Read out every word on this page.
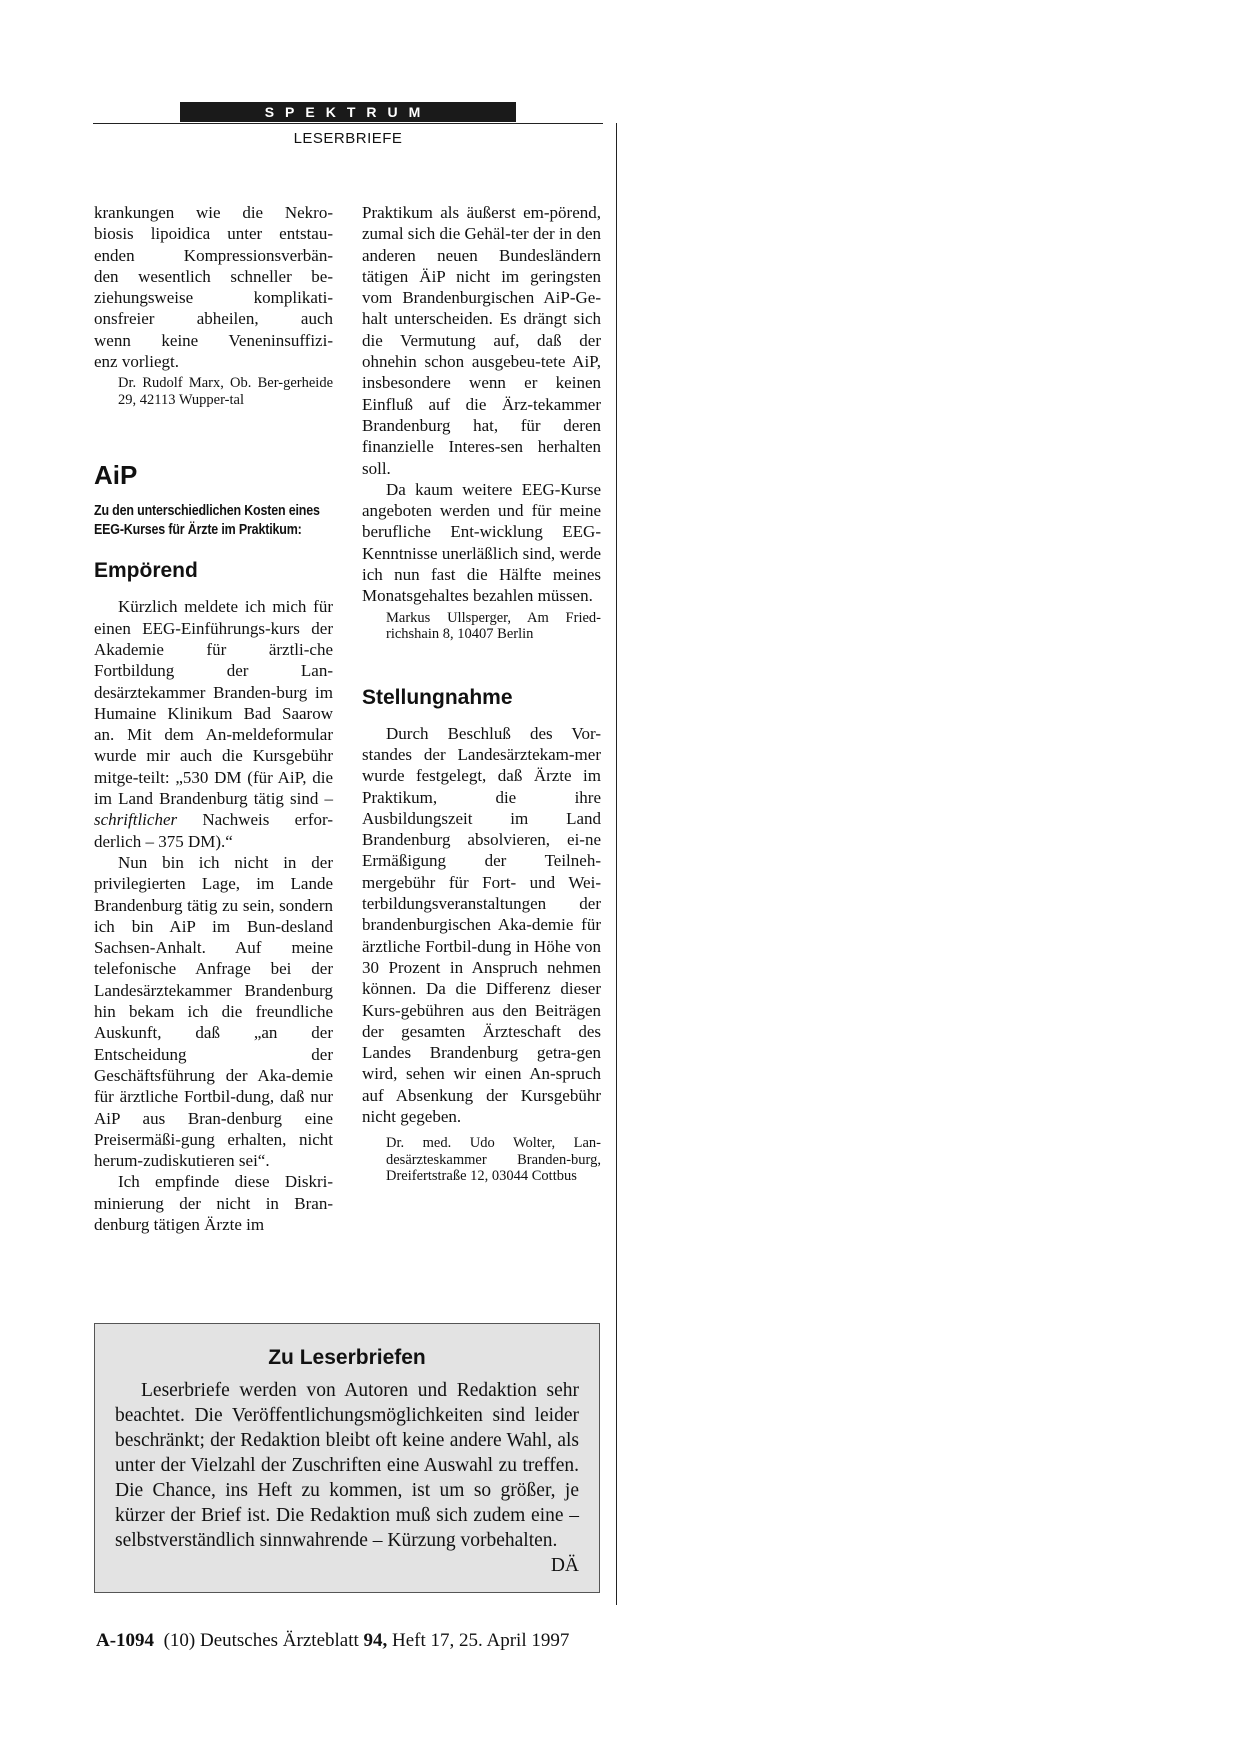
SPEKTRUM
LESERBRIEFE
krankungen wie die Nekro-
biosis lipoidica unter entstau-
enden Kompressionsverbän-
den wesentlich schneller be-
ziehungsweise komplikati-
onsfreier abheilen, auch
wenn keine Veneninsuffizi-
enz vorliegt.

Dr. Rudolf Marx, Ob. Ber-gerheide 29, 42113 Wupper-tal

AiP

Zu den unterschiedlichen Kosten eines EEG-Kurses für Ärzte im Praktikum:

Empörend

Kürzlich meldete ich mich für einen EEG-Einführungs-kurs der Akademie für ärztli-che Fortbildung der Lan-desärztekammer Branden-burg im Humaine Klinikum Bad Saarow an. Mit dem An-meldeformular wurde mir auch die Kursgebühr mitge-teilt: „530 DM (für AiP, die im Land Brandenburg tätig sind – schriftlicher Nachweis erfor-derlich – 375 DM).“

Nun bin ich nicht in der privilegierten Lage, im Lande Brandenburg tätig zu sein, sondern ich bin AiP im Bun-desland Sachsen-Anhalt. Auf meine telefonische Anfrage bei der Landesärztekammer Brandenburg hin bekam ich die freundliche Auskunft, daß „an der Entscheidung der Geschäftsführung der Aka-demie für ärztliche Fortbil-dung, daß nur AiP aus Bran-denburg eine Preisermäßi-gung erhalten, nicht herum-zudiskutieren sei“.

Ich empfinde diese Diskri-minierung der nicht in Bran-denburg tätigen Ärzte im

Praktikum als äußerst em-pörend, zumal sich die Gehäl-ter der in den anderen neuen Bundesländern tätigen ÄiP nicht im geringsten vom Brandenburgischen AiP-Ge-halt unterscheiden. Es drängt sich die Vermutung auf, daß der ohnehin schon ausgebeu-tete AiP, insbesondere wenn er keinen Einfluß auf die Ärz-tekammer Brandenburg hat, für deren finanzielle Interes-sen herhalten soll.

Da kaum weitere EEG-Kurse angeboten werden und für meine berufliche Ent-wicklung EEG-Kenntnisse unerläßlich sind, werde ich nun fast die Hälfte meines Monatsgehaltes bezahlen müssen.

Markus Ullsperger, Am Fried-richshain 8, 10407 Berlin

Stellungnahme

Durch Beschluß des Vor-standes der Landesärztekam-mer wurde festgelegt, daß Ärzte im Praktikum, die ihre Ausbildungszeit im Land Brandenburg absolvieren, ei-ne Ermäßigung der Teilneh-mergebühr für Fort- und Wei-terbildungsveranstaltungen der brandenburgischen Aka-demie für ärztliche Fortbil-dung in Höhe von 30 Prozent in Anspruch nehmen können. Da die Differenz dieser Kurs-gebühren aus den Beiträgen der gesamten Ärzteschaft des Landes Brandenburg getra-gen wird, sehen wir einen An-spruch auf Absenkung der Kursgebühr nicht gegeben.

Dr. med. Udo Wolter, Lan-desärzteskammer Branden-burg, Dreifertstraße 12, 03044 Cottbus

Zu Leserbriefen

Leserbriefe werden von Autoren und Redaktion sehr beachtet. Die Veröffentlichungsmöglichkeiten sind leider beschränkt; der Redaktion bleibt oft keine andere Wahl, als unter der Vielzahl der Zuschriften eine Auswahl zu treffen. Die Chance, ins Heft zu kommen, ist um so größer, je kürzer der Brief ist. Die Redaktion muß sich zudem eine – selbstverständlich sinnwahrende – Kürzung vorbehalten.
DÄ

A-1094 (10) Deutsches Ärzteblatt 94, Heft 17, 25. April 1997
